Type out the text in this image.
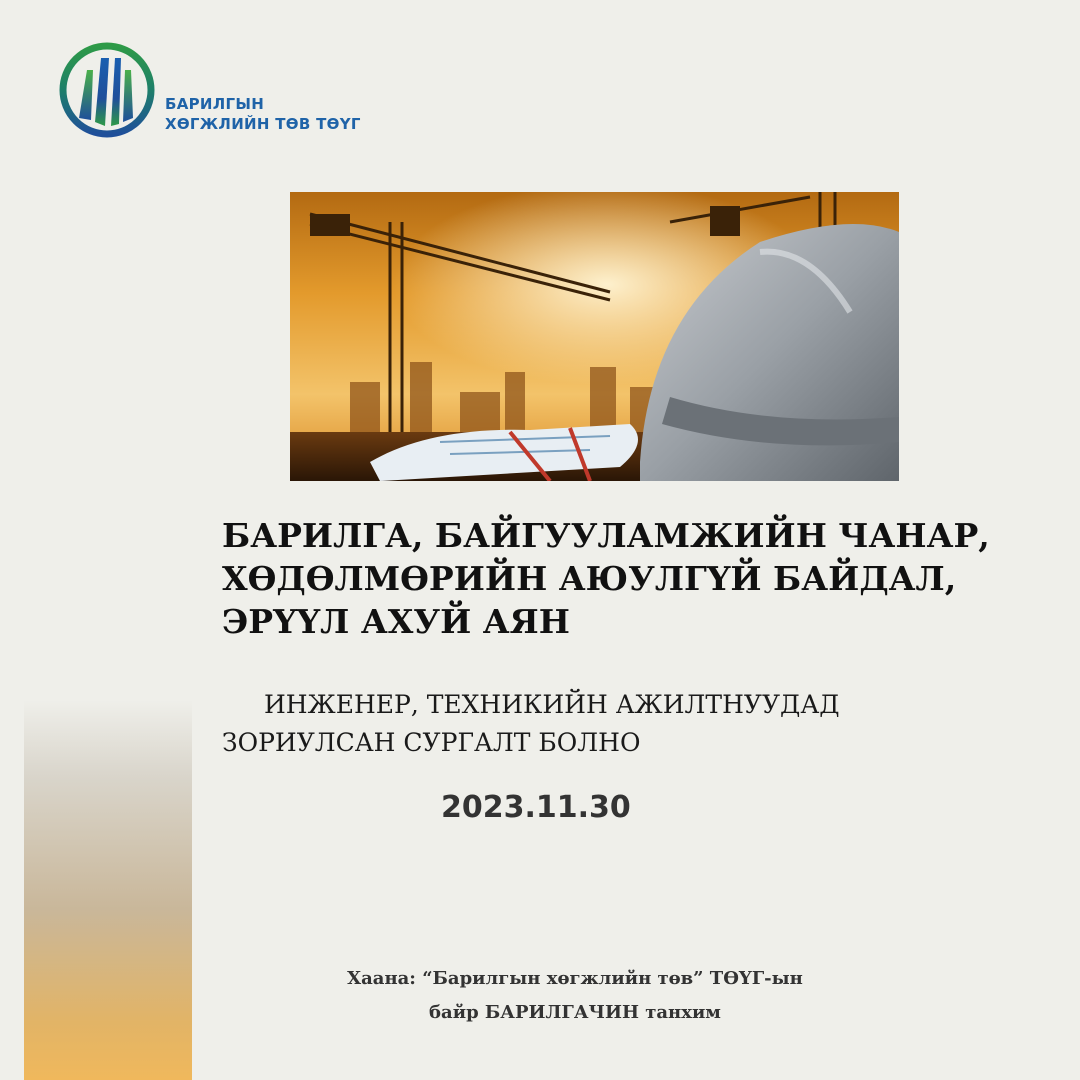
БАРИЛГЫН
ХӨГЖЛИЙН ТӨВ ТӨҮГ
БАРИЛГА, БАЙГУУЛАМЖИЙН ЧАНАР,
ХӨДӨЛМӨРИЙН АЮУЛГҮЙ БАЙДАЛ,
ЭРҮҮЛ АХУЙ АЯН
ИНЖЕНЕР, ТЕХНИКИЙН АЖИЛТНУУДАД
ЗОРИУЛСАН СУРГАЛТ БОЛНО
2023.11.30
Хаана: “Барилгын хөгжлийн төв” ТӨҮГ-ын
байр БАРИЛГАЧИН танхим
